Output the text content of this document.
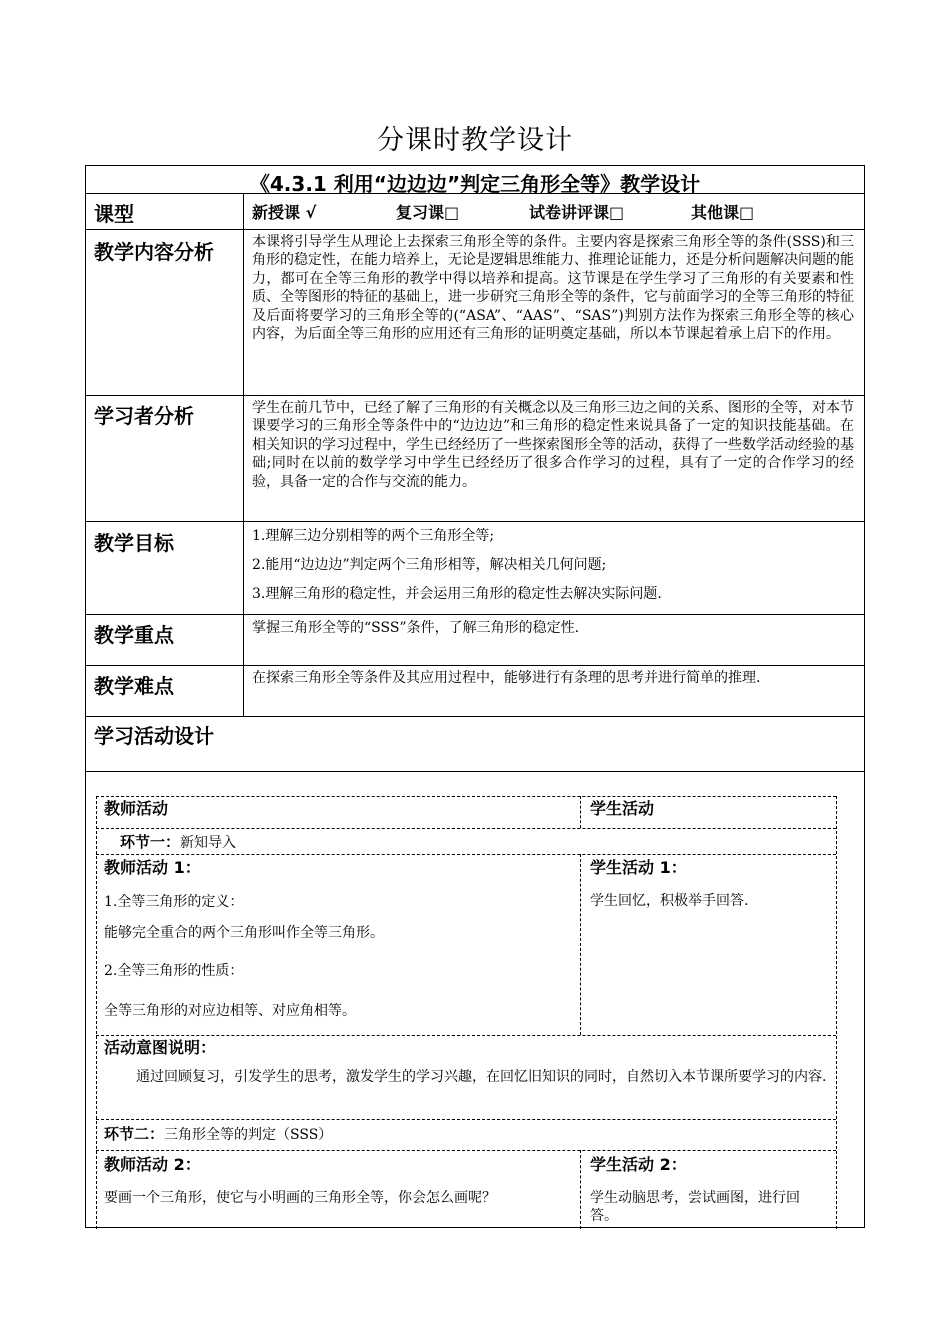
分课时教学设计
《4.3.1 利用“边边边”判定三角形全等》教学设计
课型	新授课 √	复习课□	试卷讲评课□	其他课□
教学内容分析	本课将引导学生从理论上去探索三角形全等的条件。主要内容是探索三角形全等的条件(SSS)和三角形的稳定性，在能力培养上，无论是逻辑思维能力、推理论证能力，还是分析问题解决问题的能力，都可在全等三角形的教学中得以培养和提高。这节课是在学生学习了三角形的有关要素和性质、全等图形的特征的基础上，进一步研究三角形全等的条件，它与前面学习的全等三角形的特征及后面将要学习的三角形全等的(“ASA”、“AAS”、“SAS”)判别方法作为探索三角形全等的核心内容，为后面全等三角形的应用还有三角形的证明奠定基础，所以本节课起着承上启下的作用。
学习者分析	学生在前几节中，已经了解了三角形的有关概念以及三角形三边之间的关系、图形的全等，对本节课要学习的三角形全等条件中的“边边边”和三角形的稳定性来说具备了一定的知识技能基础。在相关知识的学习过程中，学生已经经历了一些探索图形全等的活动，获得了一些数学活动经验的基础;同时在以前的数学学习中学生已经经历了很多合作学习的过程，具有了一定的合作学习的经验，具备一定的合作与交流的能力。
教学目标	1.理解三边分别相等的两个三角形全等;
2.能用“边边边”判定两个三角形相等，解决相关几何问题;
3.理解三角形的稳定性，并会运用三角形的稳定性去解决实际问题.
教学重点	掌握三角形全等的“SSS”条件，了解三角形的稳定性.
教学难点	在探索三角形全等条件及其应用过程中，能够进行有条理的思考并进行简单的推理.
学习活动设计
教师活动	学生活动
环节一：新知导入
教师活动 1：
1.全等三角形的定义：
能够完全重合的两个三角形叫作全等三角形。
2.全等三角形的性质：
全等三角形的对应边相等、对应角相等。
学生活动 1：
学生回忆，积极举手回答.
活动意图说明：
通过回顾复习，引发学生的思考，激发学生的学习兴趣，在回忆旧知识的同时，自然切入本节课所要学习的内容.
环节二：三角形全等的判定（SSS）
教师活动 2：
要画一个三角形，使它与小明画的三角形全等，你会怎么画呢？
学生活动 2：
学生动脑思考，尝试画图，进行回答。
